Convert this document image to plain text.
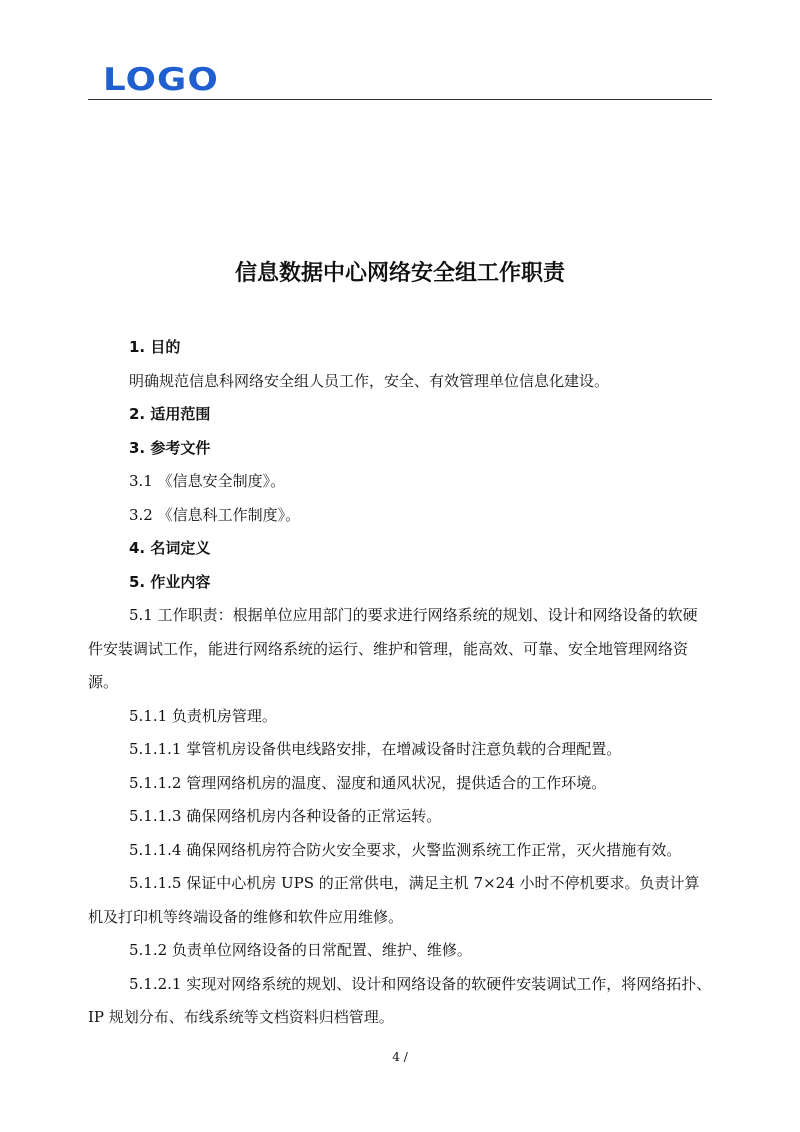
LOGO
信息数据中心网络安全组工作职责

1. 目的

明确规范信息科网络安全组人员工作，安全、有效管理单位信息化建设。

2. 适用范围

3. 参考文件

3.1 《信息安全制度》。

3.2 《信息科工作制度》。

4. 名词定义

5. 作业内容

5.1 工作职责：根据单位应用部门的要求进行网络系统的规划、设计和网络设备的软硬件安装调试工作，能进行网络系统的运行、维护和管理，能高效、可靠、安全地管理网络资源。

5.1.1 负责机房管理。

5.1.1.1 掌管机房设备供电线路安排，在增减设备时注意负载的合理配置。

5.1.1.2 管理网络机房的温度、湿度和通风状况，提供适合的工作环境。

5.1.1.3 确保网络机房内各种设备的正常运转。

5.1.1.4 确保网络机房符合防火安全要求，火警监测系统工作正常，灭火措施有效。

5.1.1.5 保证中心机房 UPS 的正常供电，满足主机 7×24 小时不停机要求。负责计算机及打印机等终端设备的维修和软件应用维修。

5.1.2 负责单位网络设备的日常配置、维护、维修。

5.1.2.1 实现对网络系统的规划、设计和网络设备的软硬件安装调试工作，将网络拓扑、IP 规划分布、布线系统等文档资料归档管理。

4 /
